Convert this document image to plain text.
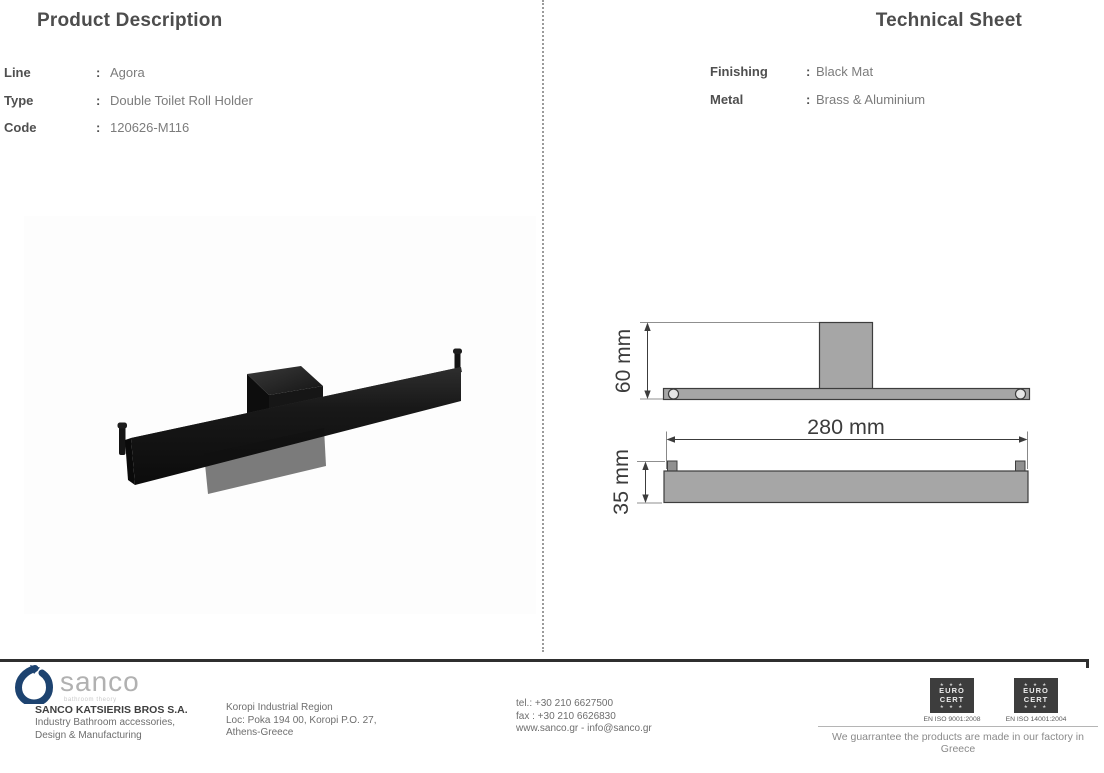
Product Description	Technical Sheet
Line	: Agora
Type	: Double Toilet Roll Holder
Code	: 120626-M116
Finishing	: Black Mat
Metal	: Brass & Aluminium
60 mm
280 mm
35 mm
sanco
bathroom theory
SANCO KATSIERIS BROS S.A.
Industry Bathroom accessories,
Design & Manufacturing
Koropi Industrial Region
Loc: Poka 194 00, Koropi P.O. 27,
Athens-Greece
tel.: +30 210 6627500
fax : +30 210 6626830
www.sanco.gr - info@sanco.gr
★ ★ ★
EURO
CERT
★ ★ ★
★ ★ ★
EURO
CERT
★ ★ ★
EN ISO 9001:2008	EN ISO 14001:2004
We guarrantee the products are made in our factory in Greece
